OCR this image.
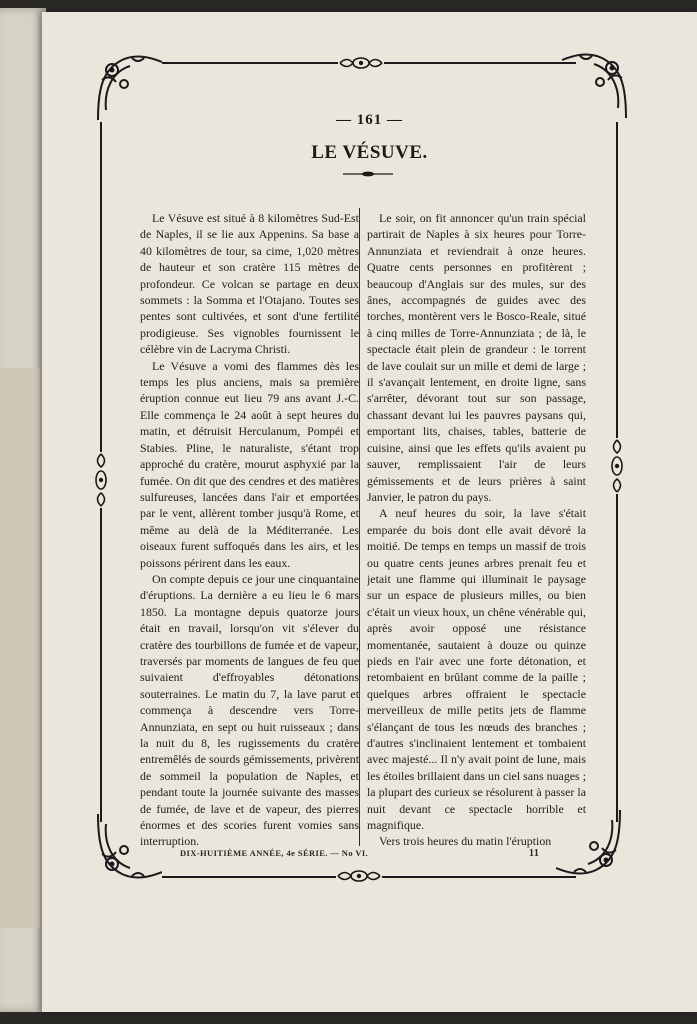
— 161 —
LE VÉSUVE.

Le Vésuve est situé à 8 kilomètres Sud-Est de Naples, il se lie aux Appenins. Sa base a 40 kilomètres de tour, sa cime, 1,020 mètres de hauteur et son cratère 115 mètres de profondeur. Ce volcan se partage en deux sommets : la Somma et l'Otajano. Toutes ses pentes sont cultivées, et sont d'une fertilité prodigieuse. Ses vignobles fournissent le célèbre vin de Lacryma Christi.

Le Vésuve a vomi des flammes dès les temps les plus anciens, mais sa première éruption connue eut lieu 79 ans avant J.-C. Elle commença le 24 août à sept heures du matin, et détruisit Herculanum, Pompéi et Stabies. Pline, le naturaliste, s'étant trop approché du cratère, mourut asphyxié par la fumée. On dit que des cendres et des matières sulfureuses, lancées dans l'air et emportées par le vent, allèrent tomber jusqu'à Rome, et même au delà de la Méditerranée. Les oiseaux furent suffoqués dans les airs, et les poissons périrent dans les eaux.

On compte depuis ce jour une cinquantaine d'éruptions. La dernière a eu lieu le 6 mars 1850. La montagne depuis quatorze jours était en travail, lorsqu'on vit s'élever du cratère des tourbillons de fumée et de vapeur, traversés par moments de langues de feu que suivaient d'effroyables détonations souterraines. Le matin du 7, la lave parut et commença à descendre vers Torre-Annunziata, en sept ou huit ruisseaux ; dans la nuit du 8, les rugissements du cratère entremêlés de sourds gémissements, privèrent de sommeil la population de Naples, et pendant toute la journée suivante des masses de fumée, de lave et de vapeur, des pierres énormes et des scories furent vomies sans interruption.

Le soir, on fit annoncer qu'un train spécial partirait de Naples à six heures pour Torre-Annunziata et reviendrait à onze heures. Quatre cents personnes en profitèrent ; beaucoup d'Anglais sur des mules, sur des ânes, accompagnés de guides avec des torches, montèrent vers le Bosco-Reale, situé à cinq milles de Torre-Annunziata ; de là, le spectacle était plein de grandeur : le torrent de lave coulait sur un mille et demi de large ; il s'avançait lentement, en droite ligne, sans s'arrêter, dévorant tout sur son passage, chassant devant lui les pauvres paysans qui, emportant lits, chaises, tables, batterie de cuisine, ainsi que les effets qu'ils avaient pu sauver, remplissaient l'air de leurs gémissements et de leurs prières à saint Janvier, le patron du pays.

A neuf heures du soir, la lave s'était emparée du bois dont elle avait dévoré la moitié. De temps en temps un massif de trois ou quatre cents jeunes arbres prenait feu et jetait une flamme qui illuminait le paysage sur un espace de plusieurs milles, ou bien c'était un vieux houx, un chêne vénérable qui, après avoir opposé une résistance momentanée, sautaient à douze ou quinze pieds en l'air avec une forte détonation, et retombaient en brûlant comme de la paille ; quelques arbres offraient le spectacle merveilleux de mille petits jets de flamme s'élançant de tous les nœuds des branches ; d'autres s'inclinaient lentement et tombaient avec majesté... Il n'y avait point de lune, mais les étoiles brillaient dans un ciel sans nuages ; la plupart des curieux se résolurent à passer la nuit devant ce spectacle horrible et magnifique.

Vers trois heures du matin l'éruption

DIX-HUITIÈME ANNÉE, 4e SÉRIE. — No VI.	11
